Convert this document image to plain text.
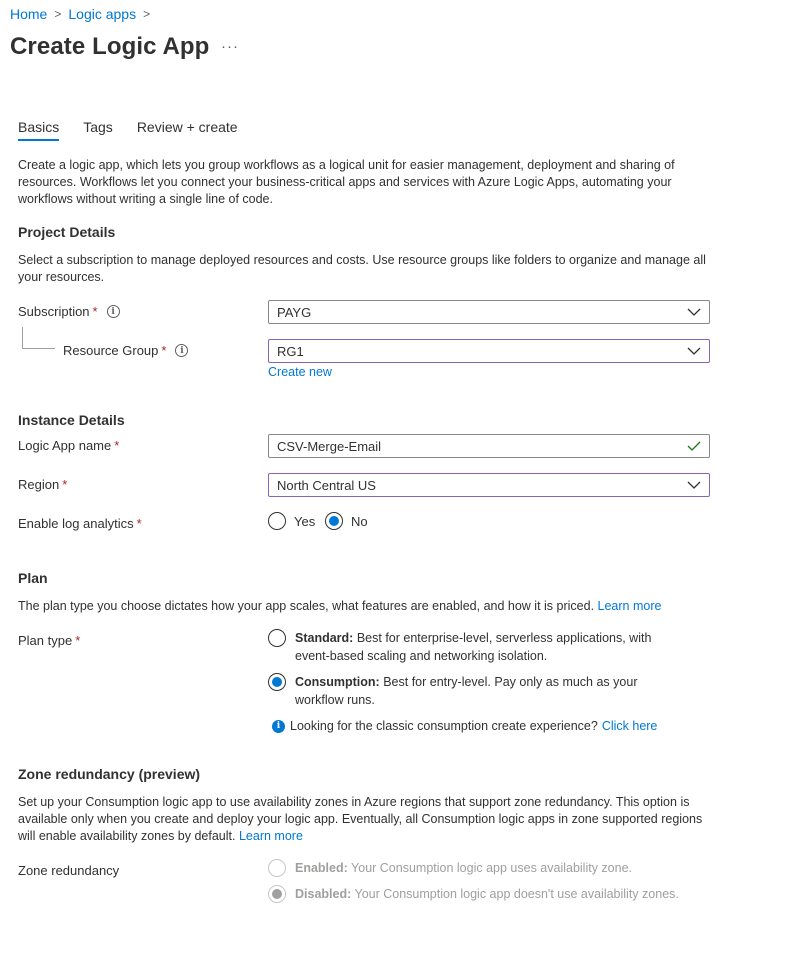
Home > Logic apps >
Create Logic App ···
Basics Tags Review + create
Create a logic app, which lets you group workflows as a logical unit for easier management, deployment and sharing of resources. Workflows let you connect your business-critical apps and services with Azure Logic Apps, automating your workflows without writing a single line of code.
Project Details
Select a subscription to manage deployed resources and costs. Use resource groups like folders to organize and manage all your resources.
Subscription *	i	PAYG
Resource Group *	i	RG1
Create new
Instance Details
Logic App name *	CSV-Merge-Email
Region *	North Central US
Enable log analytics *	Yes	No
Plan
The plan type you choose dictates how your app scales, what features are enabled, and how it is priced. Learn more
Plan type *	Standard: Best for enterprise-level, serverless applications, with
event-based scaling and networking isolation.
Consumption: Best for entry-level. Pay only as much as your
workflow runs.
i Looking for the classic consumption create experience? Click here
Zone redundancy (preview)
Set up your Consumption logic app to use availability zones in Azure regions that support zone redundancy. This option is available only when you create and deploy your logic app. Eventually, all Consumption logic apps in zone supported regions will enable availability zones by default. Learn more
Zone redundancy	Enabled: Your Consumption logic app uses availability zone.
Disabled: Your Consumption logic app doesn't use availability zones.
